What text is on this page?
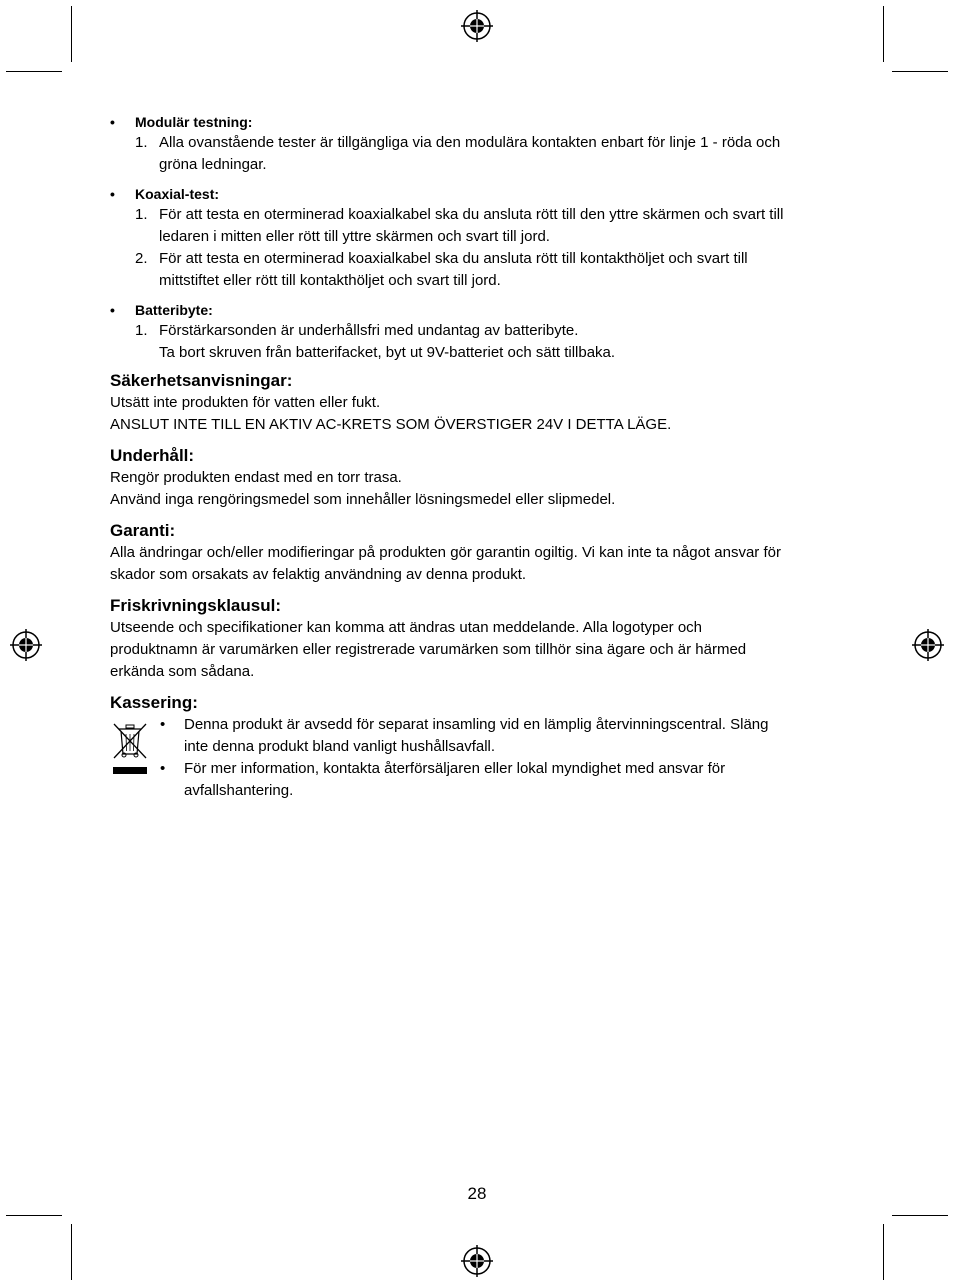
• Modulär testning:
1. Alla ovanstående tester är tillgängliga via den modulära kontakten enbart för linje 1 - röda och
gröna ledningar.
• Koaxial-test:
1. För att testa en oterminerad koaxialkabel ska du ansluta rött till den yttre skärmen och svart till
ledaren i mitten eller rött till yttre skärmen och svart till jord.
2. För att testa en oterminerad koaxialkabel ska du ansluta rött till kontakthöljet och svart till
mittstiftet eller rött till kontakthöljet och svart till jord.
• Batteribyte:
1. Förstärkarsonden är underhållsfri med undantag av batteribyte.
Ta bort skruven från batterifacket, byt ut 9V-batteriet och sätt tillbaka.
Säkerhetsanvisningar:
Utsätt inte produkten för vatten eller fukt.
ANSLUT INTE TILL EN AKTIV AC-KRETS SOM ÖVERSTIGER 24V I DETTA LÄGE.
Underhåll:
Rengör produkten endast med en torr trasa.
Använd inga rengöringsmedel som innehåller lösningsmedel eller slipmedel.
Garanti:
Alla ändringar och/eller modifieringar på produkten gör garantin ogiltig. Vi kan inte ta något ansvar för
skador som orsakats av felaktig användning av denna produkt.
Friskrivningsklausul:
Utseende och specifikationer kan komma att ändras utan meddelande. Alla logotyper och
produktnamn är varumärken eller registrerade varumärken som tillhör sina ägare och är härmed
erkända som sådana.
Kassering:
• Denna produkt är avsedd för separat insamling vid en lämplig återvinningscentral. Släng
inte denna produkt bland vanligt hushållsavfall.
• För mer information, kontakta återförsäljaren eller lokal myndighet med ansvar för
avfallshantering.
28
